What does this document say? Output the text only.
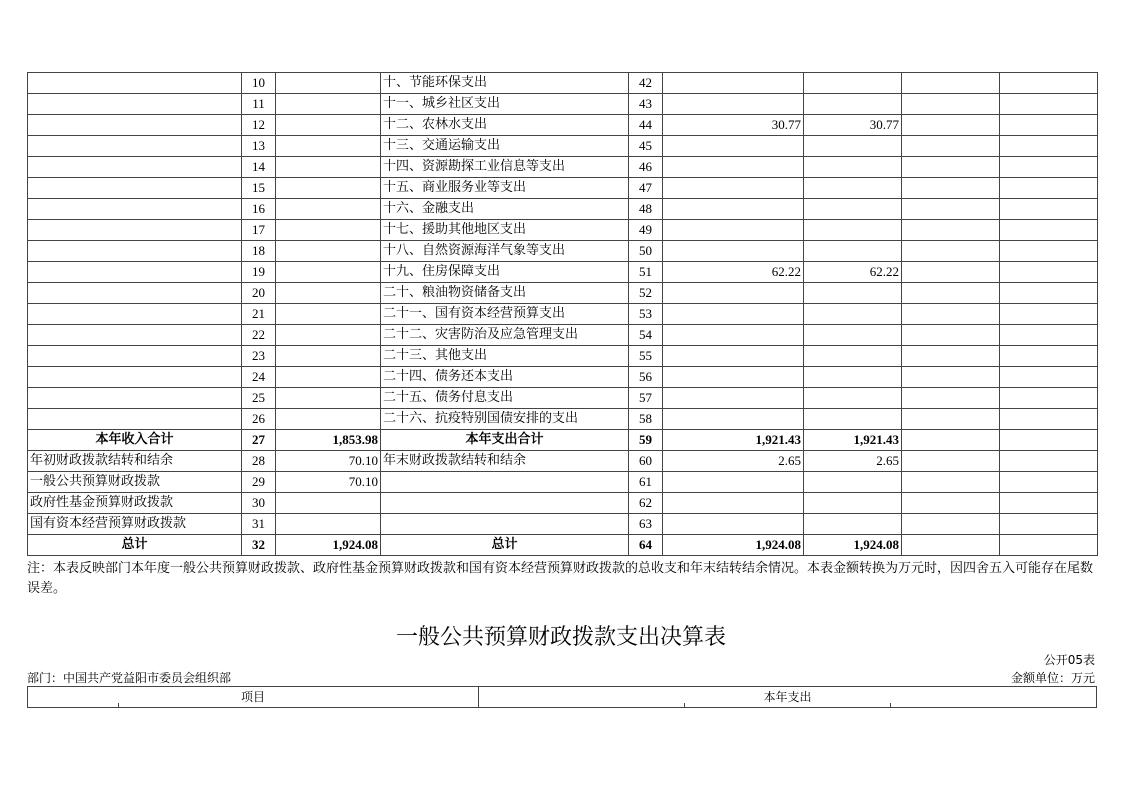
	10		十、节能环保支出	42				
	11		十一、城乡社区支出	43				
	12		十二、农林水支出	44	30.77	30.77		
	13		十三、交通运输支出	45				
	14		十四、资源勘探工业信息等支出	46				
	15		十五、商业服务业等支出	47				
	16		十六、金融支出	48				
	17		十七、援助其他地区支出	49				
	18		十八、自然资源海洋气象等支出	50				
	19		十九、住房保障支出	51	62.22	62.22		
	20		二十、粮油物资储备支出	52				
	21		二十一、国有资本经营预算支出	53				
	22		二十二、灾害防治及应急管理支出	54				
	23		二十三、其他支出	55				
	24		二十四、债务还本支出	56				
	25		二十五、债务付息支出	57				
	26		二十六、抗疫特别国债安排的支出	58				
本年收入合计	27	1,853.98	本年支出合计	59	1,921.43	1,921.43		
年初财政拨款结转和结余	28	70.10	年末财政拨款结转和结余	60	2.65	2.65		
一般公共预算财政拨款	29	70.10		61				
政府性基金预算财政拨款	30			62				
国有资本经营预算财政拨款	31			63				
总计	32	1,924.08	总计	64	1,924.08	1,924.08		
注：本表反映部门本年度一般公共预算财政拨款、政府性基金预算财政拨款和国有资本经营预算财政拨款的总收支和年末结转结余情况。本表金额转换为万元时，因四舍五入可能存在尾数误差。
一般公共预算财政拨款支出决算表
公开05表
部门：中国共产党益阳市委员会组织部	金额单位：万元
项目	本年支出
